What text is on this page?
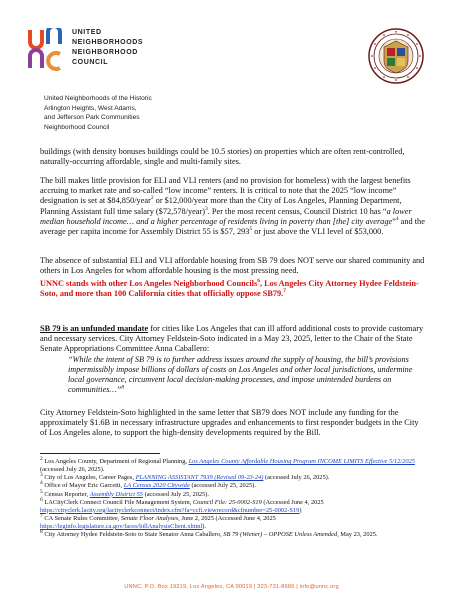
UNITED
NEIGHBORHOODS
NEIGHBORHOOD
COUNCIL
United Neighborhoods of the Historic
Arlington Heights, West Adams,
and Jefferson Park Communities
Neighborhood Council

buildings (with density bonuses buildings could be 10.5 stories) on properties which are often rent-controlled, naturally-occurring affordable, single and multi-family sites.

The bill makes little provision for ELI and VLI renters (and no provision for homeless) with the largest benefits accruing to market rate and so-called “low income” renters. It is critical to note that the 2025 “low income” designation is set at $84,850/year$^2$ or $12,000/year more than the City of Los Angeles, Planning Department, Planning Assistant full time salary ($72,578/year)$^3$. Per the most recent census, Council District 10 has “a lower median household income… and a higher percentage of residents living in poverty than [the] city average”$^4$ and the average per capita income for Assembly District 55 is $57, $293^5$ or just above the VLI level of $53,000.

The absence of substantial ELI and VLI affordable housing from SB 79 does NOT serve our shared community and others in Los Angeles for whom affordable housing is the most pressing need.

UNNC stands with other Los Angeles Neighborhood Councils$^6$, Los Angeles City Attorney Hydee Feldstein-Soto, and more than 100 California cities that officially oppose SB79.$^7$

SB 79 is an unfunded mandate for cities like Los Angeles that can ill afford additional costs to provide customary and necessary services. City Attorney Feldstein-Soto indicated in a May 23, 2025, letter to the Chair of the State Senate Appropriations Committee Anna Caballero:

“While the intent of SB 79 is to further address issues around the supply of housing, the bill’s provisions impermissibly impose billions of dollars of costs on Los Angeles and other local jurisdictions, undermine local governance, circumvent local decision-making processes, and impose unintended burdens on communities…”$^8$

City Attorney Feldstein-Soto highlighted in the same letter that SB79 does NOT include any funding for the approximately $1.6B in necessary infrastructure upgrades and enhancements to first responder budgets in the City of Los Angeles alone, to support the high-density developments required by the Bill.

$^2$ Los Angeles County, Department of Regional Planning, Los Angeles County Affordable Housing Program INCOME LIMITS Effective 5/12/2025 (accessed July 26, 2025).
$^3$ City of Los Angeles, Career Pages, PLANNING ASSISTANT 7939 (Revised 09-23-24) (accessed July 26, 2025).
$^4$ Office of Mayor Eric Garcetti, LA Census 2020 Citywide (accessed July 25, 2025).
$^5$ Census Reporter, Assembly District 55 (accessed July 25, 2025).
$^6$ LACityClerk Connect Council File Management System, Council File: 25-0002-S19 (Accessed June 4, 2025 https://cityclerk.lacity.org/lacityclerkconnect/index.cfm?fa=ccfi.viewrecord&cfnumber=25-0002-S19)
$^7$ CA Senate Rules Committee, Senate Floor Analyses, June 2, 2025 (Accessed June 4, 2025 https://leginfo.legislature.ca.gov/faces/billAnalysisClient.xhtml).
$^8$ City Attorney Hydee Feldstein-Soto to State Senator Anna Caballero, SB 79 (Wiener) – OPPOSE Unless Amended, May 23, 2025.
UNNC, P.O. Box 19219, Los Angeles, CA 90019 | 323-731-8686 | info@unnc.org
